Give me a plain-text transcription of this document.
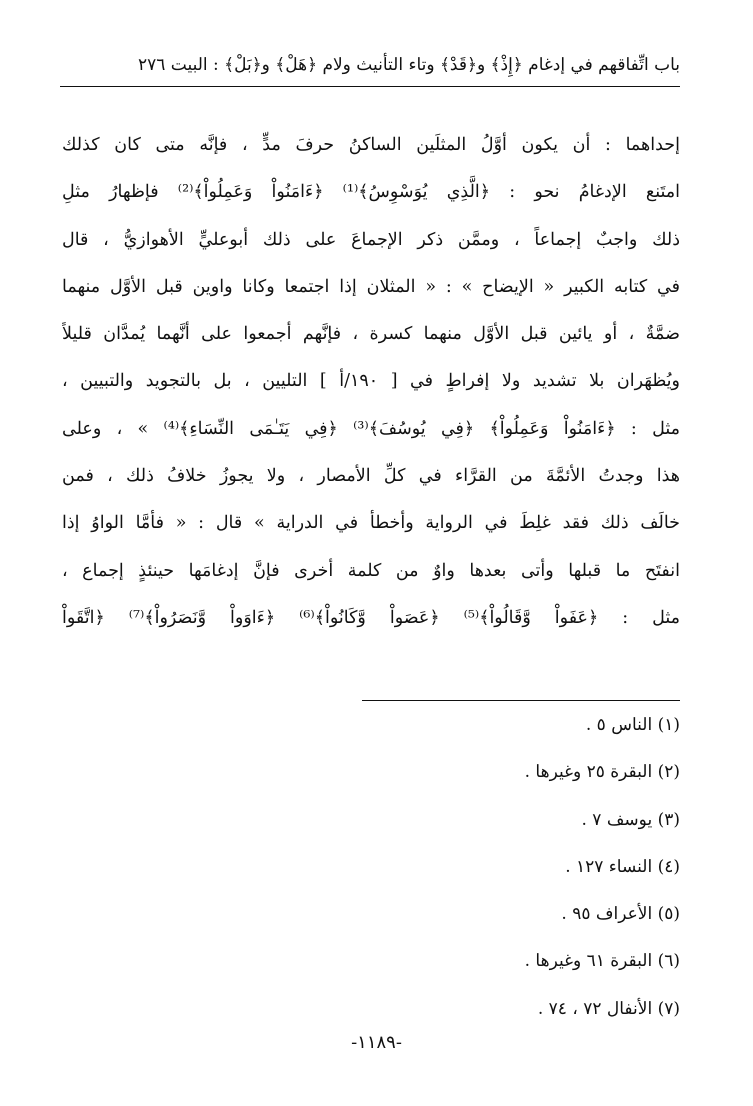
باب اتِّفاقهم في إدغام ﴿إِذْ﴾ و﴿قَدْ﴾ وتاء التأنيث ولام ﴿هَلْ﴾ و﴿بَلْ﴾ : البيت ٢٧٦
إحداهما : أن يكون أوَّلُ المثلَين الساكنُ حرفَ مدٍّ ، فإنَّه متى كان كذلك
امتَنع الإدغامُ نحو : ﴿الَّذِي يُوَسْوِسُ﴾⁽¹⁾ ﴿ءَامَنُواْ وَعَمِلُواْ﴾⁽²⁾ فإظهارُ مثلِ
ذلك واجبٌ إجماعاً ، وممَّن ذكر الإجماعَ على ذلك أبوعليٍّ الأهوازيُّ ، قال
في كتابه الكبير « الإيضاح » : « المثلان إذا اجتمعا وكانا واوين قبل الأوَّل منهما
ضمَّةٌ ، أو يائين قبل الأوَّل منهما كسرة ، فإنَّهم أجمعوا على أنَّهما يُمدَّان قليلاً
ويُظهَران بلا تشديد ولا إفراطٍ في [ ١٩٠/أ ] التليين ، بل بالتجويد والتبيين ،
مثل : ﴿ءَامَنُواْ وَعَمِلُواْ﴾ ﴿فِي يُوسُفَ﴾⁽³⁾ ﴿فِي يَتَـٰمَى النِّسَاءِ﴾⁽⁴⁾ » ، وعلى
هذا وجدتُ الأئمَّةَ من القرَّاء في كلِّ الأمصار ، ولا يجوزُ خلافُ ذلك ، فمن
خالَف ذلك فقد غلِطَ في الرواية وأخطأ في الدراية » قال : « فأمَّا الواوُ إذا
انفتَح ما قبلها وأتى بعدها واوٌ من كلمة أخرى فإنَّ إدغامَها حينئذٍ إجماع ،
مثل : ﴿عَفَواْ وَّقَالُواْ﴾⁽⁵⁾ ﴿عَصَواْ وَّكَانُواْ﴾⁽⁶⁾ ﴿ءَاوَواْ وَّنَصَرُواْ﴾⁽⁷⁾ ﴿اتَّقَواْ
(١) الناس ٥ .
(٢) البقرة ٢٥ وغيرها .
(٣) يوسف ٧ .
(٤) النساء ١٢٧ .
(٥) الأعراف ٩٥ .
(٦) البقرة ٦١ وغيرها .
(٧) الأنفال ٧٢ ، ٧٤ .
-١١٨٩-
